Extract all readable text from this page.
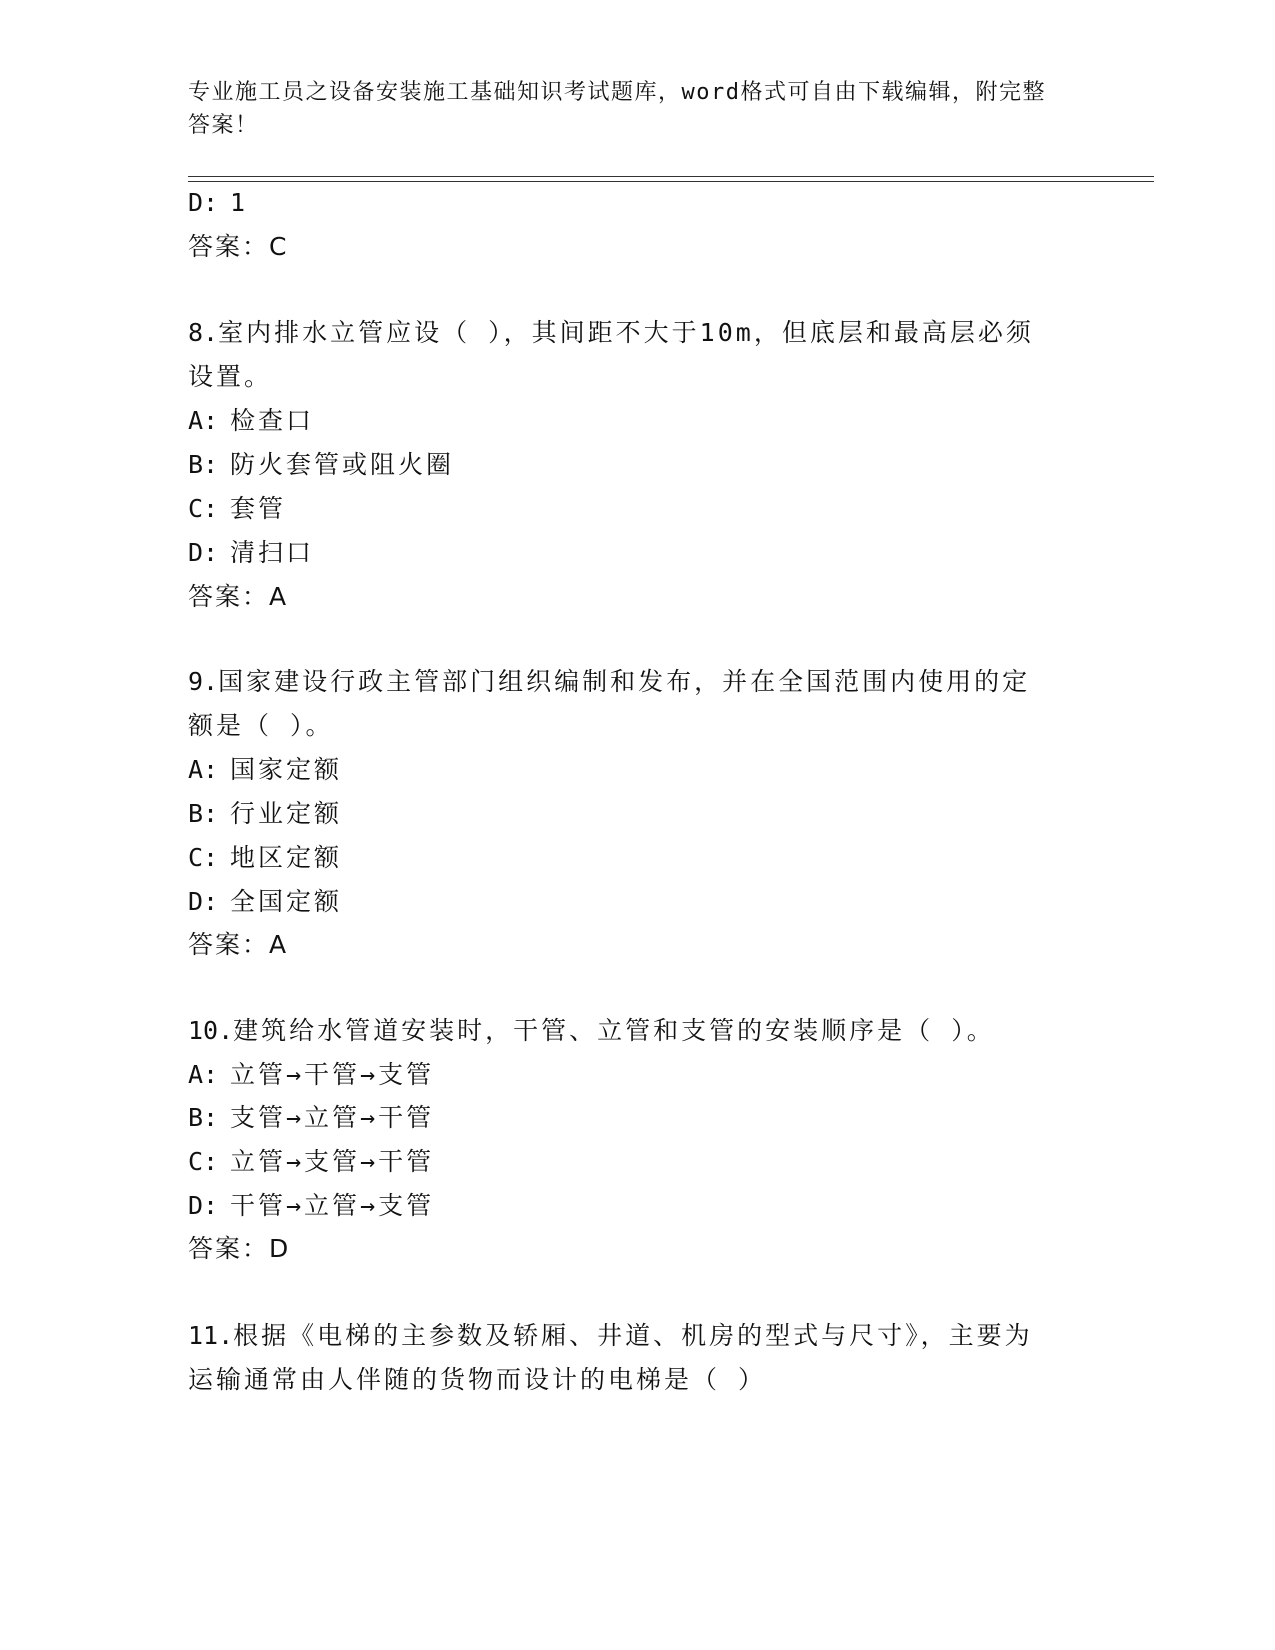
专业施工员之设备安装施工基础知识考试题库，word格式可自由下载编辑，附完整答案！
D: 1
答案：C
8.室内排水立管应设（ ），其间距不大于10m，但底层和最高层必须
设置。
A: 检查口
B: 防火套管或阻火圈
C: 套管
D: 清扫口
答案：A
9.国家建设行政主管部门组织编制和发布，并在全国范围内使用的定
额是（ ）。
A: 国家定额
B: 行业定额
C: 地区定额
D: 全国定额
答案：A
10.建筑给水管道安装时，干管、立管和支管的安装顺序是（ ）。
A: 立管→干管→支管
B: 支管→立管→干管
C: 立管→支管→干管
D: 干管→立管→支管
答案：D
11.根据《电梯的主参数及轿厢、井道、机房的型式与尺寸》，主要为
运输通常由人伴随的货物而设计的电梯是（ ）
